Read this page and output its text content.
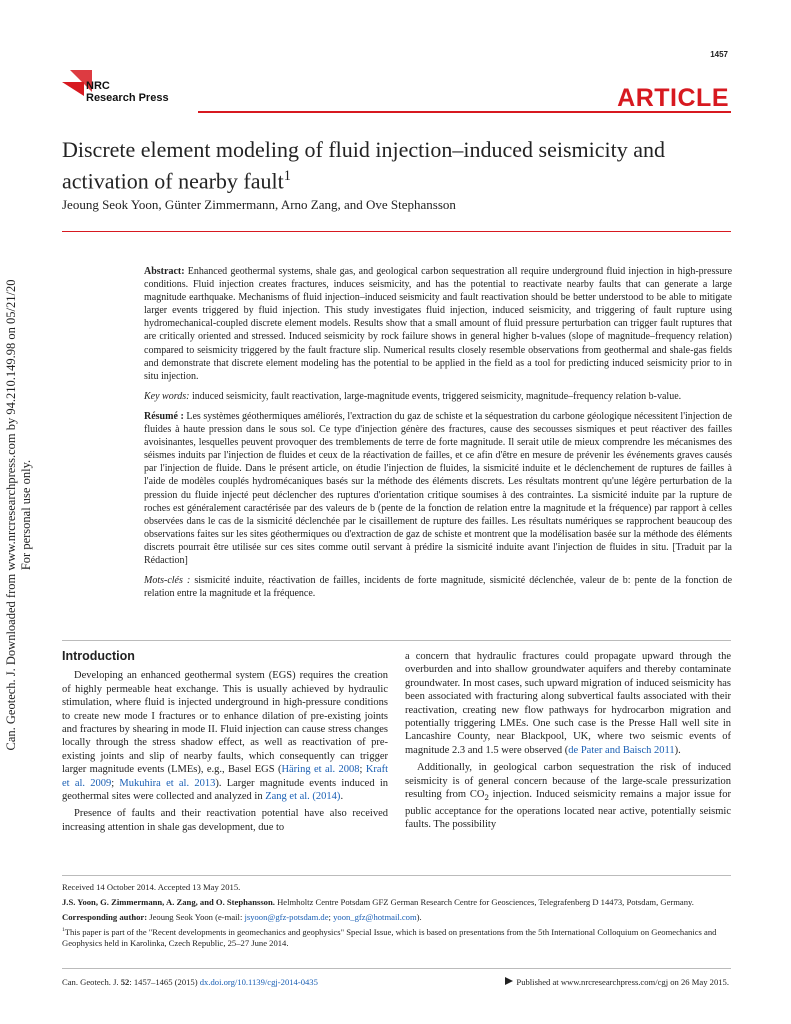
Can. Geotech. J. Downloaded from www.nrcresearchpress.com by 94.210.149.98 on 05/21/20 For personal use only.
1457
NRC
Research Press	ARTICLE
Discrete element modeling of fluid injection–induced seismicity and activation of nearby fault$^1$
Jeoung Seok Yoon, Günter Zimmermann, Arno Zang, and Ove Stephansson

Abstract: Enhanced geothermal systems, shale gas, and geological carbon sequestration all require underground fluid injection in high-pressure conditions. Fluid injection creates fractures, induces seismicity, and has the potential to reactivate nearby faults that can generate a large magnitude earthquake. Mechanisms of fluid injection–induced seismicity and fault reactivation should be better understood to be able to mitigate larger events triggered by fluid injection. This study investigates fluid injection, induced seismicity, and triggering of fault rupture using hydromechanical-coupled discrete element models. Results show that a small amount of fluid pressure perturbation can trigger fault ruptures that are critically oriented and stressed. Induced seismicity by rock failure shows in general higher b-values (slope of magnitude–frequency relation) compared to seismicity triggered by the fault fracture slip. Numerical results closely resemble observations from geothermal and shale-gas fields and demonstrate that discrete element modeling has the potential to be applied in the field as a tool for predicting induced seismicity prior to in situ injection.

Key words: induced seismicity, fault reactivation, large-magnitude events, triggered seismicity, magnitude–frequency relation b-value.

Résumé : Les systèmes géothermiques améliorés, l'extraction du gaz de schiste et la séquestration du carbone géologique nécessitent l'injection de fluides à haute pression dans le sous sol. Ce type d'injection génère des fractures, cause des secousses sismiques et peut réactiver des failles avoisinantes, lesquelles peuvent provoquer des tremblements de terre de forte magnitude. Il serait utile de mieux comprendre les mécanismes des séismes induits par l'injection de fluides et ceux de la réactivation de failles, et ce afin d'être en mesure de prévenir les événements graves causés par l'injection de fluide. Dans le présent article, on étudie l'injection de fluides, la sismicité induite et le déclenchement de ruptures de failles à l'aide de modèles couplés hydromécaniques basés sur la méthode des éléments discrets. Les résultats montrent qu'une légère perturbation de la pression du fluide injecté peut déclencher des ruptures d'orientation critique soumises à des contraintes. La sismicité induite par la rupture de roches est généralement caractérisée par des valeurs de b (pente de la fonction de relation entre la magnitude et la fréquence) par rapport à celles observées dans le cas de la sismicité déclenchée par le cisaillement de rupture des failles. Les résultats numériques se rapprochent beaucoup des observations faites sur les sites géothermiques ou d'extraction de gaz de schiste et montrent que la modélisation basée sur la méthode des éléments discrets pourrait être utilisée sur ces sites comme outil servant à prédire la sismicité induite avant l'injection de fluides in situ. [Traduit par la Rédaction]

Mots-clés : sismicité induite, réactivation de failles, incidents de forte magnitude, sismicité déclenchée, valeur de b: pente de la fonction de relation entre la magnitude et la fréquence.

Introduction

Developing an enhanced geothermal system (EGS) requires the creation of highly permeable heat exchange. This is usually achieved by hydraulic stimulation, where fluid is injected underground in high-pressure conditions to create new mode I fractures or to enhance dilation of pre-existing joints and fractures by shearing in mode II. Fluid injection can cause stress changes locally through the stress shadow effect, as well as reactivation of pre-existing joints and slip of nearby faults, which consequently can trigger larger magnitude events (LMEs), e.g., Basel EGS (Häring et al. 2008; Kraft et al. 2009; Mukuhira et al. 2013). Larger magnitude events induced in geothermal sites were collected and analyzed in Zang et al. (2014).

Presence of faults and their reactivation potential have also received increasing attention in shale gas development, due to

a concern that hydraulic fractures could propagate upward through the overburden and into shallow groundwater aquifers and thereby contaminate groundwater. In most cases, such upward migration of induced seismicity has been associated with fracturing along subvertical faults associated with their reactivation, creating new flow pathways for hydrocarbon migration and potentially triggering LMEs. One such case is the Presse Hall well site in Lancashire County, near Blackpool, UK, where two seismic events of magnitude 2.3 and 1.5 were observed (de Pater and Baisch 2011).

Additionally, in geological carbon sequestration the risk of induced seismicity is of general concern because of the large-scale pressurization resulting from $CO_2$ injection. Induced seismicity remains a major issue for public acceptance for the operations located near active, potentially seismic faults. The possibility

Received 14 October 2014. Accepted 13 May 2015.

J.S. Yoon, G. Zimmermann, A. Zang, and O. Stephansson. Helmholtz Centre Potsdam GFZ German Research Centre for Geosciences, Telegrafenberg D 14473, Potsdam, Germany.

Corresponding author: Jeoung Seok Yoon (e-mail: jsyoon@gfz-potsdam.de; yoon_gfz@hotmail.com).

$^1$This paper is part of the "Recent developments in geomechanics and geophysics" Special Issue, which is based on presentations from the 5th International Colloquium on Geomechanics and Geophysics held in Karolinka, Czech Republic, 25–27 June 2014.

Can. Geotech. J. 52: 1457–1465 (2015) dx.doi.org/10.1139/cgj-2014-0435	Published at www.nrcresearchpress.com/cgj on 26 May 2015.
